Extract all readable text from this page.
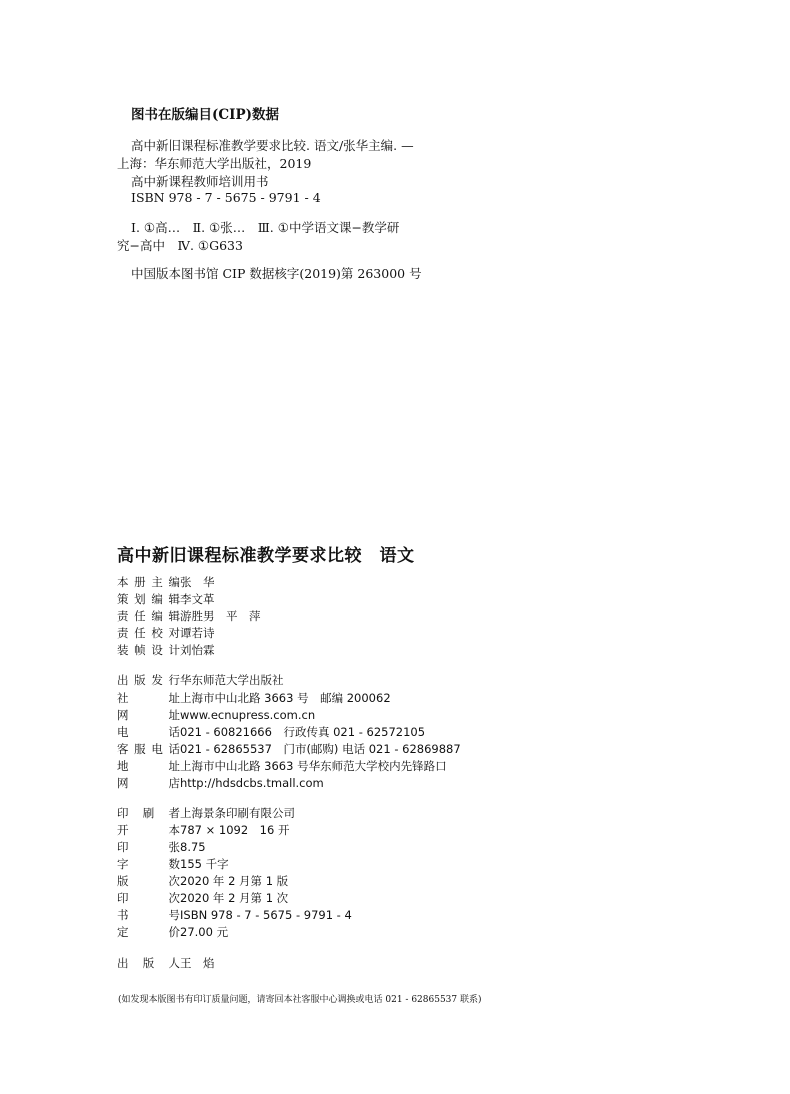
图书在版编目(CIP)数据
高中新旧课程标准教学要求比较. 语文/张华主编. —
上海：华东师范大学出版社，2019
高中新课程教师培训用书
ISBN 978 - 7 - 5675 - 9791 - 4
Ⅰ. ①高…　Ⅱ. ①张…　Ⅲ. ①中学语文课−教学研
究−高中　Ⅳ. ①G633
中国版本图书馆 CIP 数据核字(2019)第 263000 号
高中新旧课程标准教学要求比较　语文
本册主编张　华
策划编辑李文革
责任编辑游胜男　平　萍
责任校对谭若诗
装帧设计刘怡霖
出版发行华东师范大学出版社
社　　址上海市中山北路 3663 号　邮编 200062
网　　址www.ecnupress.com.cn
电　　话021 - 60821666　行政传真 021 - 62572105
客服电话021 - 62865537　门市(邮购) 电话 021 - 62869887
地　　址上海市中山北路 3663 号华东师范大学校内先锋路口
网　　店http://hdsdcbs.tmall.com
印 刷 者上海景条印刷有限公司
开　　本787 × 1092　16 开
印　　张8.75
字　　数155 千字
版　　次2020 年 2 月第 1 版
印　　次2020 年 2 月第 1 次
书　　号ISBN 978 - 7 - 5675 - 9791 - 4
定　　价27.00 元
出 版 人王　焰
(如发现本版图书有印订质量问题，请寄回本社客服中心调换或电话 021 - 62865537 联系)
